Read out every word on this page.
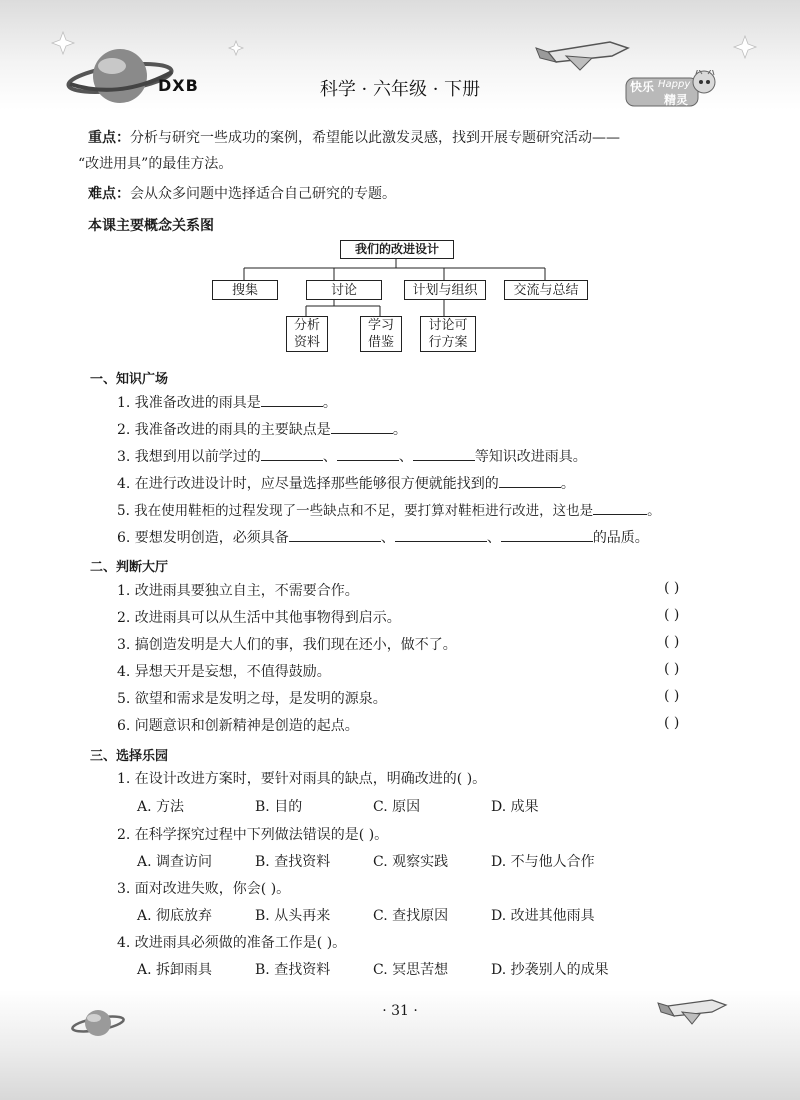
DXB	科学 · 六年级 · 下册	快乐 Happy
精灵

重点：分析与研究一些成功的案例，希望能以此激发灵感，找到开展专题研究活动——

“改进用具”的最佳方法。

难点：会从众多问题中选择适合自己研究的专题。

本课主要概念关系图
我们的改进设计
搜集	讨论	计划与组织	交流与总结
分析
资料
学习
借鉴
讨论可
行方案
一、知识广场
1. 我准备改进的雨具是	。
2. 我准备改进的雨具的主要缺点是	。
3. 我想到用以前学过的	、	、	等知识改进雨具。
4. 在进行改进设计时，应尽量选择那些能够很方便就能找到的	。
5. 我在使用鞋柜的过程发现了一些缺点和不足，要打算对鞋柜进行改进，这也是	。
6. 要想发明创造，必须具备	、	、	的品质。
二、判断大厅
1. 改进雨具要独立自主，不需要合作。	( )
2. 改进雨具可以从生活中其他事物得到启示。	( )
3. 搞创造发明是大人们的事，我们现在还小，做不了。	( )
4. 异想天开是妄想，不值得鼓励。	( )
5. 欲望和需求是发明之母，是发明的源泉。	( )
6. 问题意识和创新精神是创造的起点。	( )
三、选择乐园
1. 在设计改进方案时，要针对雨具的缺点，明确改进的( )。
A. 方法	B. 目的	C. 原因	D. 成果
2. 在科学探究过程中下列做法错误的是( )。
A. 调查访问	B. 查找资料	C. 观察实践	D. 不与他人合作
3. 面对改进失败，你会( )。
A. 彻底放弃	B. 从头再来	C. 查找原因	D. 改进其他雨具
4. 改进雨具必须做的准备工作是( )。
A. 拆卸雨具	B. 查找资料	C. 冥思苦想	D. 抄袭别人的成果
· 31 ·
